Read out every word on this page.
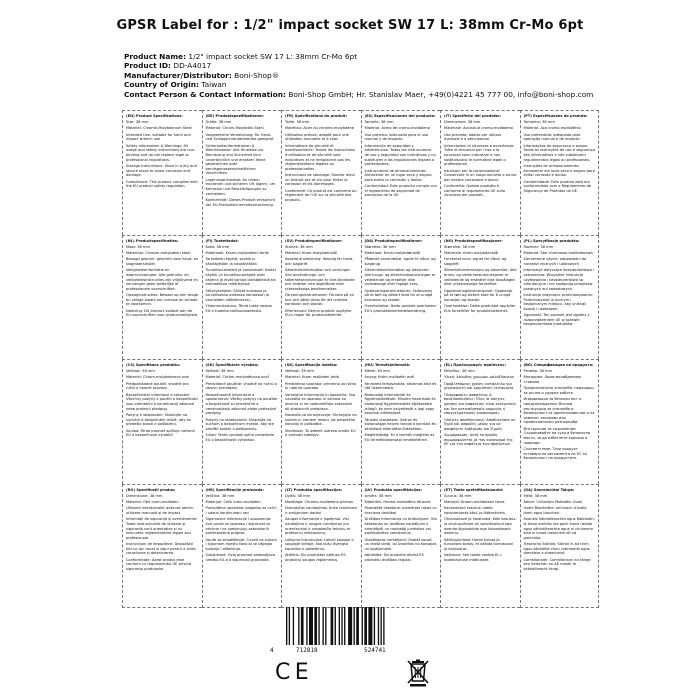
GPSR Label for : 1/2" impact socket SW 17 L: 38mm Cr-Mo 6pt
Product Name: 1/2" impact socket SW 17 L: 38mm Cr-Mo 6pt
Product ID: DD-A4017
Manufacturer/Distributor: Boni-Shop®
Country of Origin: Taiwan
Contact Person & Contact Information: Boni-Shop GmbH; Hr. Stanislav Maer, +49(0)4221 45 777 00, info@boni-shop.com
(EN) Product Specifications:
Size: 38 mm
Material: Chrome-Molybdenum Steel
Intended Use: suitable for hand and impact wrench use
Safety Information & Warnings: All usage and safety instructions are non-binding and do not replace legal or professional regulations.
Storage Instructions: Store in a dry and secure place to avoid corrosion and damage.
Compliance: This product complies with the EU product safety regulation.
(DE) Produktspezifikationen:
Größe: 38 mm
Material: Chrom-Molybdän-Stahl
Vorgesehene Verwendung: für Hand- und Schlagschrauberbetrieb geeignet
Sicherheitsinformationen & Warnhinweise: Alle Hinweise zur Benutzung und Sicherheit sind unverbindlich und ersetzen keine gesetzlichen oder berufsgenossenschaftlichen Vorschriften.
Lagerungshinweise: An einem trockenen und sicheren Ort lagern, um Korrosion und Beschädigungen zu vermeiden.
Konformität: Dieses Produkt entspricht der EU-Produktsicherheitsverordnung.
(FR) Spécifications du produit:
Taille: 38 mm
Matériau: Acier au chrome-molybdène
Utilisation prévue: adapté pour une utilisation manuelle et à choc
Informations de sécurité et avertissements: Toutes les instructions d'utilisation et de sécurité sont indicatives et ne remplacent pas les réglementations légales ou professionnelles.
Instructions de stockage: Stocker dans un endroit sec et sûr pour éviter la corrosion et les dommages.
Conformité: Ce produit est conforme au règlement de l'UE sur la sécurité des produits.
(ES) Especificaciones del producto:
Tamaño: 38 mm
Material: Acero de cromo-molibdeno
Uso previsto: adecuado para el uso manual y de impacto
Información de seguridad y advertencias: Todas las instrucciones de uso y seguridad son indicativas y no sustituyen a las regulaciones legales o profesionales.
Instrucciones de almacenamiento: Almacenar en un lugar seco y seguro para evitar la corrosión y daños.
Conformidad: Este producto cumple con el reglamento de seguridad de productos de la UE.
(IT) Specifiche del prodotto:
Dimensione: 38 mm
Materiale: Acciaio al cromo-molibdeno
Uso previsto: adatto per utilizzo manuale e a percussione
Informazioni di sicurezza e avvertenze: Tutte le istruzioni per l'uso e la sicurezza sono indicative e non sostituiscono le normative legali o professionali.
Istruzioni per la conservazione: Conservare in un luogo asciutto e sicuro per evitare corrosione e danni.
Conformità: Questo prodotto è conforme al regolamento UE sulla sicurezza dei prodotti.
(PT) Especificações do produto:
Tamanho: 38 mm
Material: Aço cromo-molibdênio
Uso pretendido: adequado para operação manual e de impacto
Informações de segurança e avisos: Todas as instruções de uso e segurança são informativas e não substituem regulamentos legais ou profissionais.
Instruções de armazenamento: Armazenar em local seco e seguro para evitar corrosão e danos.
Conformidade: Este produto está em conformidade com o Regulamento de Segurança de Produtos da UE.
(NL) Productspecificaties:
Maat: 38 mm
Materiaal: Chroom-molybdeen staal
Beoogd gebruik: geschikt voor hand- en slagmoersleutel
Veiligheidsinformatie en waarschuwingen: Alle gebruiks- en veiligheidsinstructies zijn vrijblijvend en vervangen geen wettelijke of professionele voorschriften.
Opslaginstructies: Bewaar op een droge en veilige plaats om corrosie en schade te voorkomen.
Naleving: Dit product voldoet aan de EU-voorschriften voor productveiligheid.
(FI) Tuotetiedot:
Koko: 38 mm
Materiaali: Kromi-molybdeeni teräs
Tarkoitettu käyttö: soveltuu käsikäyttöön ja iskukäyttöön
Turvallisuustiedot ja varoitukset: Kaikki käyttö- ja turvallisuusohjeet ovat ohjeina ja eivät korvaa lakisääteisiä tai ammatillisia määräyksiä.
Säilytysohjeet: Säilytä kuivassa ja turvallisessa paikassa korroosion ja vaurioiden välttämiseksi.
Yhdenmukaisuus: Tämä tuote vastaa EU:n tuoteturvallisuusasetusta.
(SV) Produktspecifikationer:
Storlek: 38 mm
Material: Krom-molybdenstål
Avsedd användning: lämplig för hand- och slagdrift
Säkerhetsinformation och varningar: Alla användnings- och säkerhetsanvisningar är icke-bindande och ersätter inte lagstiftade eller yrkesmässiga bestämmelser.
Förvaringsinstruktioner: Förvara på en torr och säker plats för att undvika korrosion och skador.
Efterlevnad: Denna produkt uppfyller EU:s regler för produktsäkerhet.
(DA) Produktspecifikationer:
Størrelse: 38 mm
Materiale: Krom-molybdænstål
Påtænkt anvendelse: egnet til hånd- og slagbrug
Sikkerhedsinformation og advarsler: Alle brugs- og sikkerhedsanvisninger er vejledende og erstatter ikke lovmæssige eller faglige krav.
Opbevaringsinstruktioner: Opbevares på et tørt og sikkert sted for at undgå korrosion og skader.
Overholdelse: Dette produkt overholder EU's produktsikkerhedsforordning.
(NO) Produktspesifikasjoner:
Størrelse: 38 mm
Materiale: Krom-molybdenstål
Forventet bruk: egnet for hånd- og slagdrift
Sikkerhetsinformasjon og advarsler: Alle bruks- og sikkerhetsinstruksjoner er veiledende og erstatter ikke lovpålagte eller yrkesmessige forskrifter.
Oppbevaringsinstruksjoner: Oppbevar på et tørt og sikkert sted for å unngå korrosjon og skader.
Overholdelse: Dette produktet oppfyller EUs forskrifter for produktsikkerhet.
(PL) Specyfikacje produktu:
Rozmiar: 38 mm
Materiał: Stal chromowo-molibdenowa
Zamierzone użycie: odpowiedni do narzędzi ręcznych i udarowych
Informacje dotyczące bezpieczeństwa i ostrzeżenia: Wszystkie instrukcje użytkowania i bezpieczeństwa są orientacyjne i nie zastępują przepisów prawnych ani zawodowych.
Instrukcje dotyczące przechowywania: Przechowywać w suchym i bezpiecznym miejscu, aby uniknąć korozji i uszkodzeń.
Zgodność: Ten produkt jest zgodny z rozporządzeniem UE w sprawie bezpieczeństwa produktów.
(CS) Specifikace produktu:
Velikost: 38 mm
Materiál: Chrom-molybdenová ocel
Předpokládané použití: vhodné pro ruční a rázové provozy
Bezpečnostní informace a varování: Všechny pokyny k použití a bezpečnosti jsou orientační a nenahrazují zákonné nebo profesní předpisy.
Pokyny k skladování: Skladujte na suchém a bezpečném místě, aby se předešlo korozi a poškození.
Soulad: Tento produkt splňuje nařízení EU o bezpečnosti výrobků.
(SK) Špecifikácie výrobku:
Veľkosť: 38 mm
Materiál: Chróm-molybdénová oceľ
Predvídané použitie: vhodné na ručnú a rázovú prevádzku
Bezpečnostné informácie a upozornenia: Všetky pokyny na použitie a bezpečnosť sú orientačné a nenahrádzajú zákonné alebo profesijné predpisy.
Pokyny na skladovanie: Skladujte na suchom a bezpečnom mieste, aby ste predišli korózii a poškodeniu.
Súlad: Tento výrobok spĺňa nariadenie EÚ o bezpečnosti výrobkov.
(SK) Specifikacije izdelka:
Velikost: 38 mm
Material: Krom-molibden jeklo
Predvidena uporaba: primerno za ročno in udarno uporabo
Varnostne informacije in opozorila: Vsa navodila za uporabo in varnost so okvirna in ne nadomeščajo zakonskih ali strokovnih predpisov.
Navodila za shranjevanje: Shranjujte na suhem in varnem mestu, da preprečite korozijo in poškodbe.
Skladnost: Ta izdelek ustreza uredbi EU o varnosti izdelkov.
(HU) Termékjellemzők:
Méret: 38 mm
Anyag: Króm-molibdén acél
Tervezett felhasználás: alkalmas kézi és ütő üzemmódra
Biztonsági információk és figyelmeztetések: Minden használati és biztonsági figyelmeztetés tájékoztató jellegű, és nem helyettesíti a jogi vagy szakmai előírásokat.
Tárolási utasítások: Száraz és biztonságos helyen tárolja a korrózió és sérülések elkerülése érdekében.
Megfelelőség: Ez a termék megfelel az EU termékbiztonsági rendeletének.
(EL) Προδιαγραφές προϊόντος:
Μέγεθος: 38 mm
Υλικό: Χάλυβας χρωμίου-μολυβδαινίου
Προβλεπόμενη χρήση: κατάλληλο για χειροκίνητη και κρουστική λειτουργία
Πληροφορίες ασφαλείας & προειδοποιήσεις: Όλες οι οδηγίες χρήσης και ασφάλειας είναι ενδεικτικές και δεν αντικαθιστούν νομικούς ή επαγγελματικούς κανονισμούς.
Οδηγίες αποθήκευσης: Αποθηκεύστε σε ξηρό και ασφαλές μέρος για να αποφύγετε διάβρωση και ζημιές.
Συμμόρφωση: Αυτό το προϊόν συμμορφώνεται με τον κανονισμό της ΕΕ για την ασφάλεια των προϊόντων.
(BG) Спецификация на продукта:
Размер: 38 mm
Материал: Хром-молибденова стомана
Предназначена употреба: подходящ за ръчна и ударна работа
Информация за безопасност и предупреждения: Всички инструкции за употреба и безопасност са ориентировъчни и не заменят законови или професионални разпоредби.
Инструкции за съхранение: Съхранявайте на сухо и безопасно място, за да избегнете корозия и повреди.
Съответствие: Този продукт отговаря на регламента на ЕС за безопасност на продуктите.
(RO) Specificații produs:
Dimensiune: 38 mm
Material: Oțel crom-molibden
Utilizare intenționată: adecvat pentru utilizare manuală și de impact
Informații de siguranță și avertismente: Toate instrucțiunile de utilizare și siguranță sunt orientative și nu înlocuiesc reglementările legale sau profesionale.
Instrucțiuni de depozitare: Depozitați într-un loc uscat și sigur pentru a evita coroziunea și deteriorarea.
Conformitate: Acest produs este conform cu regulamentul UE privind siguranța produselor.
(HR) Specifikacije proizvoda:
Veličina: 38 mm
Materijal: Čelik krom-molibden
Predviđena upotreba: pogodan za ručni i udarni kontinuirani rad
Sigurnosne informacije i upozorenja: Sve upute za uporabu i sigurnost su okvirne i ne zamjenjuju zakonske ili profesionalne propise.
Upute za skladištenje: Čuvati na suhom i sigurnom mjestu kako bi se izbjegla korozija i oštećenja.
Sukladnost: Ovaj proizvod zadovoljava uredbu EU-a o sigurnosti proizvoda.
(LT) Produkto specifikacijos:
Dydis: 38 mm
Medžiaga: Chromo-molibdeno plienas
Numatytas naudojimas: tinka rankiniam ir smūginiam darbui
Saugos informacija ir įspėjimai: Visi naudojimo ir saugos nurodymai yra orientaciniai ir nepakeičia teisinių ar profesinių reikalavimų.
Laikymo instrukcijos: Laikyti sausoje ir saugioje vietoje, kad būtų išvengta korozijos ir pažeidimų.
Atitiktis: Šis produktas atitinka ES produktų saugos reglamentą.
(LV) Produkta specifikācijas:
Izmērs: 38 mm
Materiāls: Hroma-molibdēna tērauds
Paredzētā lietošana: piemērots rokas un trieciena darbībai
Drošības informācija un brīdinājumi: Visi lietošanas un drošības norādījumi ir orientējoši un neaizstāj juridiskos vai profesionālos noteikumus.
Glabāšanas norādījumi: Glabāt sausā un drošā vietā, lai izvairītos no korozijas un bojājumiem.
Atbilstība: Šis produkts atbilst ES produktu drošības regulai.
(ET) Toote spetsifikatsioonid:
Suurus: 38 mm
Materjal: Kroom-molübdeen teras
Kavandatud kasutus: sobib kasutamiseks käsi- ja löökrežiimis
Ohutusteave ja hoiatused: Kõik kasutus- ja ohutusjuhised on soovituslikud ega asenda õigusaktide ega kutsealaseid eeskirju.
Säilitusjuhised: Hoida kuivas ja turvalises kohas, et vältida korrosiooni ja kahjustusi.
Vastavus: See toode vastab EL-i tooteohutuse määrusele.
(GA) Sonraíochtaí Táirge:
Méid: 38 mm
Ábhar: Cróimiam-Molbdéin-Guail
Úsáid Beartaithe: oiriúnach d'úsáid lámh agus tionchair
Faisnéis Sábháilteachta agus Rabhaidh: Is treoir amháin iad gach treoir úsáide agus sábháilteachta agus ní chuireann siad in ionad rialacháin dlí ná gairmiúla.
Treoracha Stórála: Stóráil in áit tirim agus sábháilte chun creimeadh agus damáiste a sheachaint.
Comhlíonadh: Comhlíonann an táirge seo rialachán an AE maidir le sábháilteacht táirgí.
4	712818	524741
C E
